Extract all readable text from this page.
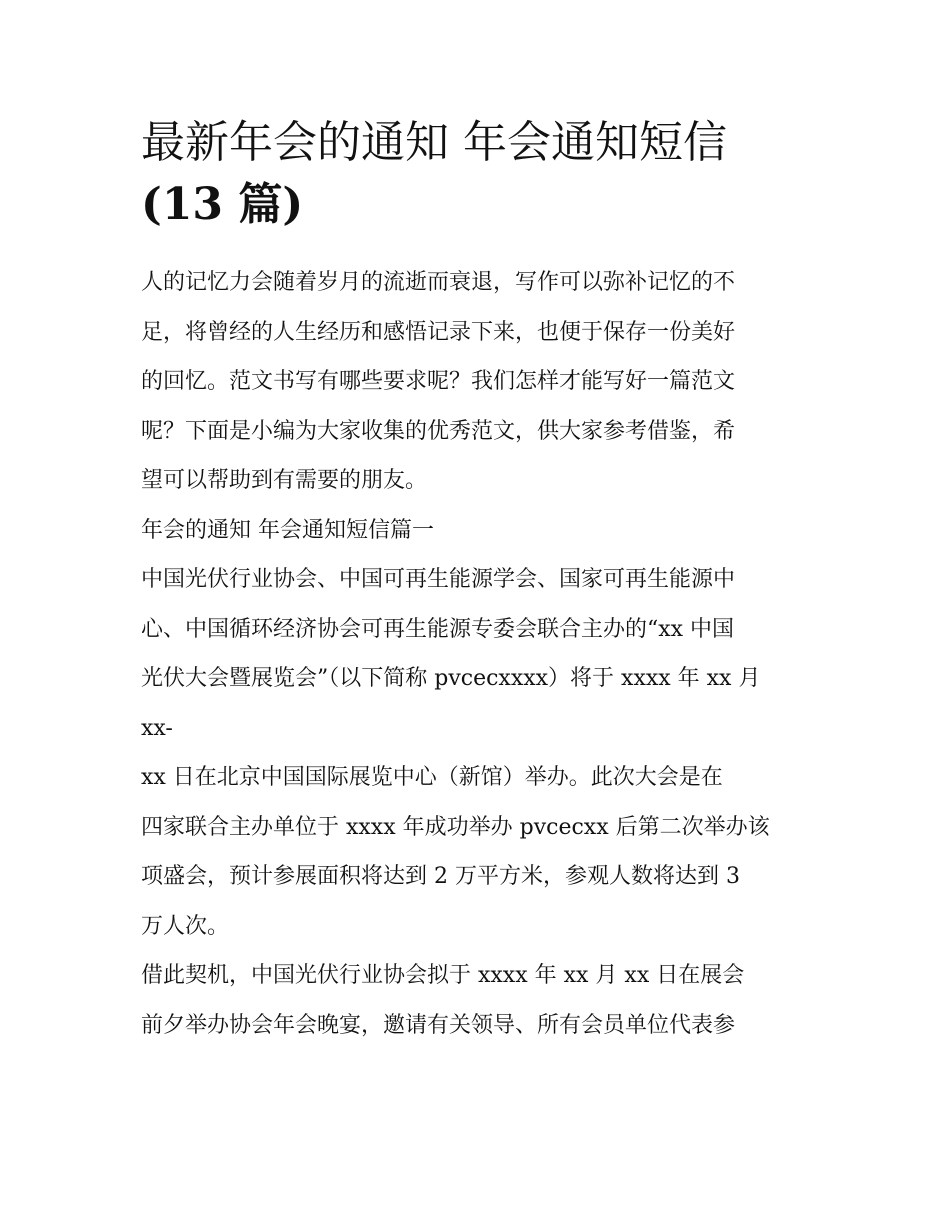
最新年会的通知 年会通知短信
(13 篇)
人的记忆力会随着岁月的流逝而衰退，写作可以弥补记忆的不
足，将曾经的人生经历和感悟记录下来，也便于保存一份美好
的回忆。范文书写有哪些要求呢？我们怎样才能写好一篇范文
呢？下面是小编为大家收集的优秀范文，供大家参考借鉴，希
望可以帮助到有需要的朋友。
年会的通知 年会通知短信篇一
中国光伏行业协会、中国可再生能源学会、国家可再生能源中
心、中国循环经济协会可再生能源专委会联合主办的“xx 中国
光伏大会暨展览会”（以下简称 pvcecxxxx）将于 xxxx 年 xx 月
xx-
xx 日在北京中国国际展览中心（新馆）举办。此次大会是在
四家联合主办单位于 xxxx 年成功举办 pvcecxx 后第二次举办该
项盛会，预计参展面积将达到 2 万平方米，参观人数将达到 3
万人次。
借此契机，中国光伏行业协会拟于 xxxx 年 xx 月 xx 日在展会
前夕举办协会年会晚宴，邀请有关领导、所有会员单位代表参
